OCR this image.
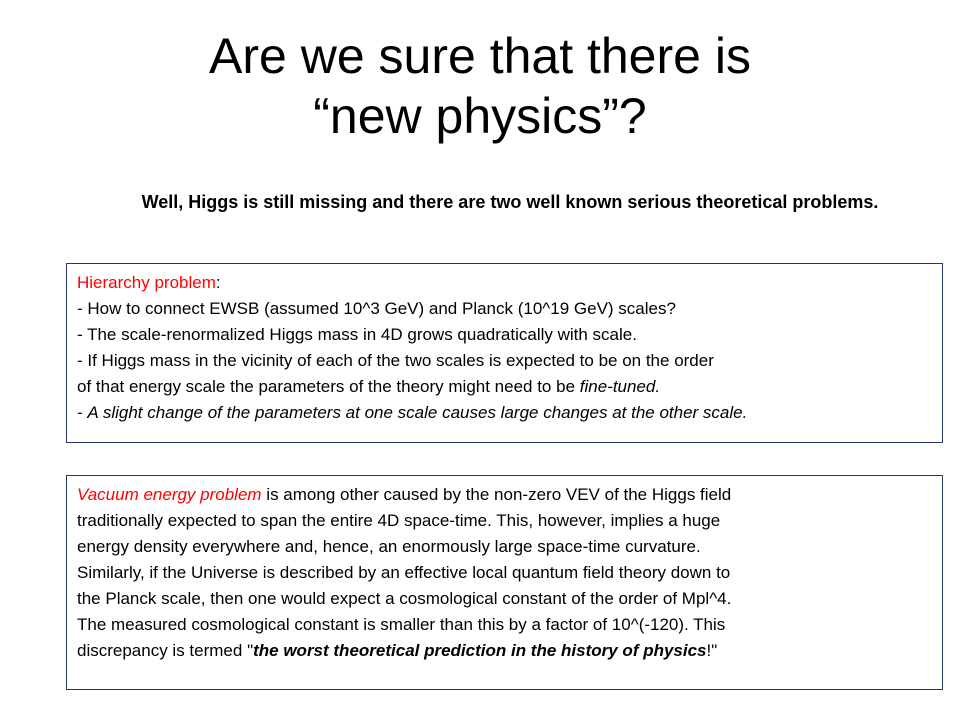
Are we sure that there is
“new physics”?

Well, Higgs is still missing and there are two well known serious theoretical problems.

Hierarchy problem:

- How to connect EWSB (assumed 10^3 GeV) and Planck (10^19 GeV) scales?

- The scale-renormalized Higgs mass in 4D grows quadratically with scale.

- If Higgs mass in the vicinity of each of the two scales is expected to be on the order

of that energy scale the parameters of the theory might need to be fine-tuned.

- A slight change of the parameters at one scale causes large changes at the other scale.

Vacuum energy problem is among other caused by the non-zero VEV of the Higgs field

traditionally expected to span the entire 4D space-time. This, however, implies a huge

energy density everywhere and, hence, an enormously large space-time curvature.

Similarly, if the Universe is described by an effective local quantum field theory down to

the Planck scale, then one would expect a cosmological constant of the order of Mpl^4.

The measured cosmological constant is smaller than this by a factor of 10^(-120). This

discrepancy is termed "the worst theoretical prediction in the history of physics!"
